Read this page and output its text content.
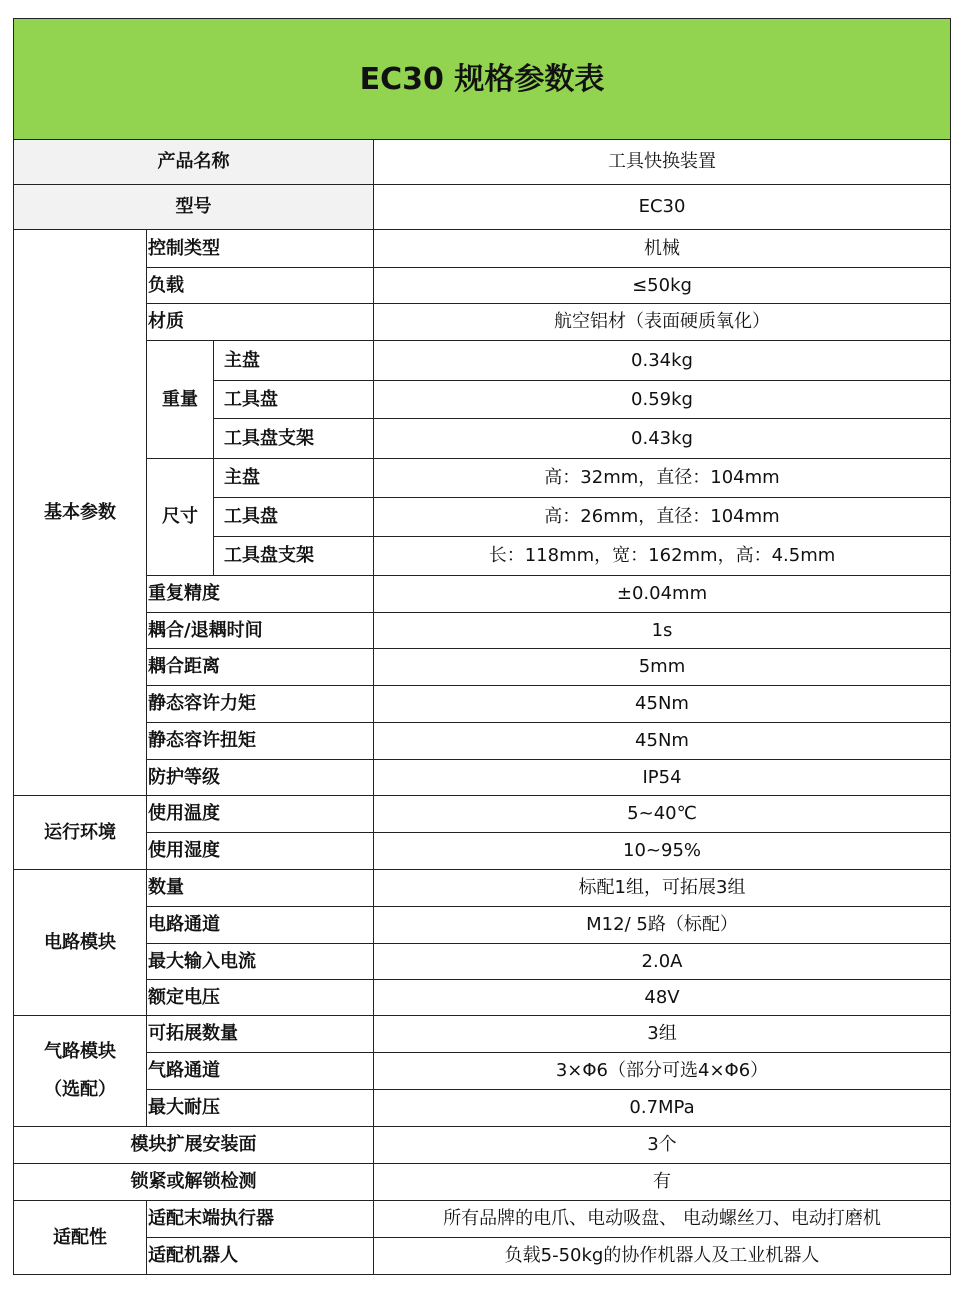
EC30 规格参数表			
产品名称			工具快换装置
型号			EC30
基本参数	控制类型		机械
	负载		≤50kg
	材质		航空铝材（表面硬质氧化）
	重量	主盘	0.34kg
		工具盘	0.59kg
		工具盘支架	0.43kg
	尺寸	主盘	高：32mm，直径：104mm
		工具盘	高：26mm，直径：104mm
		工具盘支架	长：118mm，宽：162mm，高：4.5mm
	重复精度		±0.04mm
	耦合/退耦时间		1s
	耦合距离		5mm
	静态容许力矩		45Nm
	静态容许扭矩		45Nm
	防护等级		IP54
运行环境	使用温度		5~40℃
	使用湿度		10~95%
电路模块	数量		标配1组，可拓展3组
	电路通道		M12/ 5路（标配）
	最大输入电流		2.0A
	额定电压		48V

气路模块
（选配）	可拓展数量		3组
	气路通道		3×Φ6（部分可选4×Φ6）
	最大耐压		0.7MPa
模块扩展安装面			3个
锁紧或解锁检测			有
适配性	适配末端执行器		所有品牌的电爪、电动吸盘、 电动螺丝刀、电动打磨机
	适配机器人		负载5-50kg的协作机器人及工业机器人
